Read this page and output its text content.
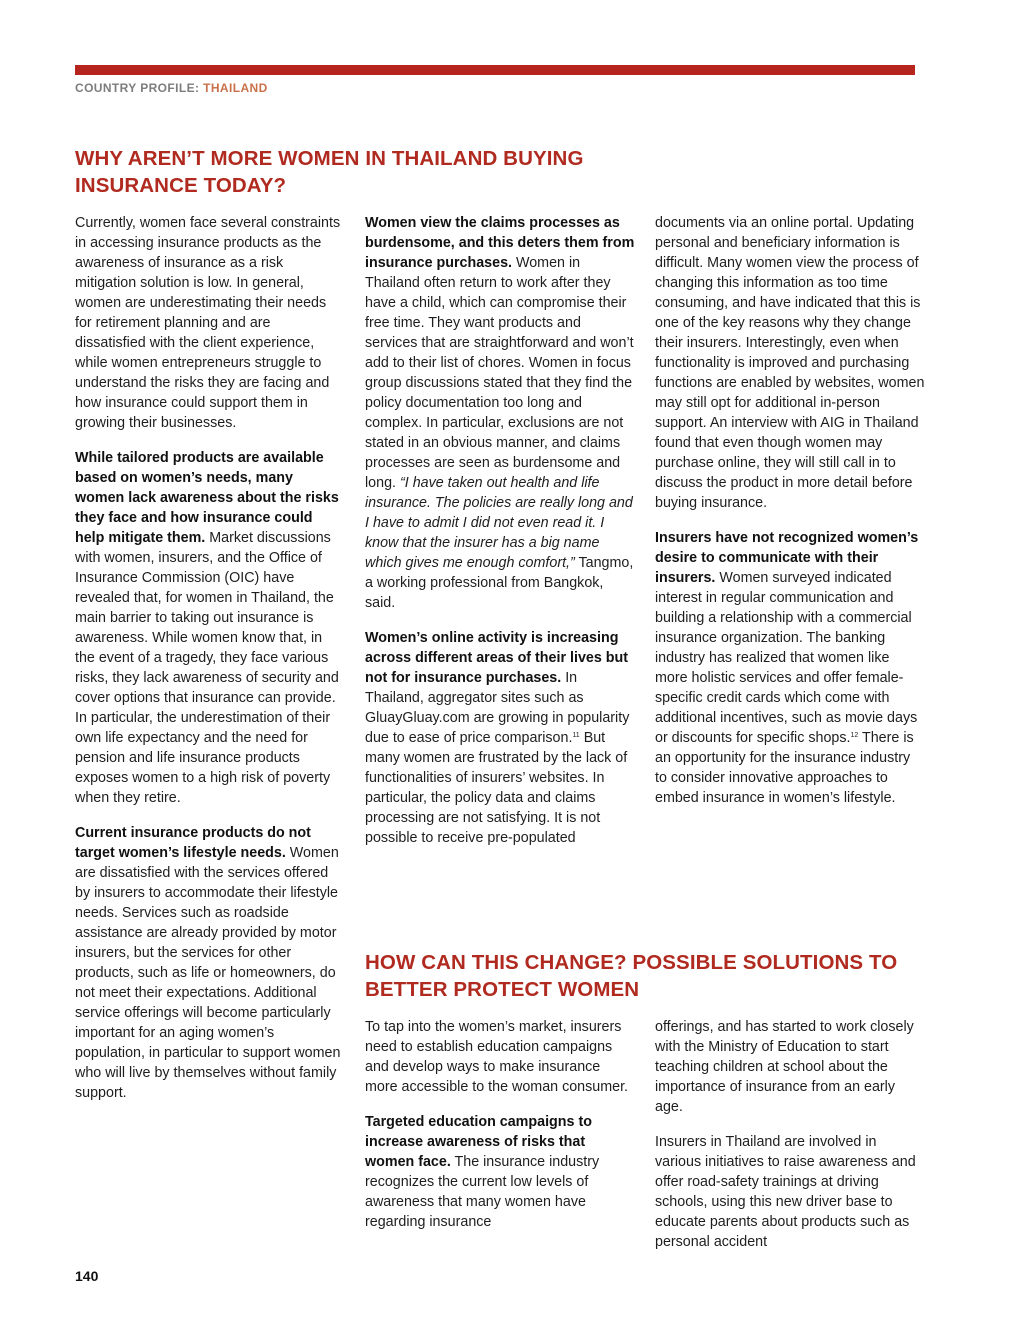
COUNTRY PROFILE: THAILAND
WHY AREN’T MORE WOMEN IN THAILAND BUYING INSURANCE TODAY?

Currently, women face several constraints in accessing insurance products as the awareness of insurance as a risk mitigation solution is low. In general, women are underestimating their needs for retirement planning and are dissatisfied with the client experience, while women entrepreneurs struggle to understand the risks they are facing and how insurance could support them in growing their businesses.

While tailored products are available based on women’s needs, many women lack awareness about the risks they face and how insurance could help mitigate them. Market discussions with women, insurers, and the Office of Insurance Commission (OIC) have revealed that, for women in Thailand, the main barrier to taking out insurance is awareness. While women know that, in the event of a tragedy, they face various risks, they lack awareness of security and cover options that insurance can provide. In particular, the underestimation of their own life expectancy and the need for pension and life insurance products exposes women to a high risk of poverty when they retire.

Current insurance products do not target women’s lifestyle needs. Women are dissatisfied with the services offered by insurers to accommodate their lifestyle needs. Services such as roadside assistance are already provided by motor insurers, but the services for other products, such as life or homeowners, do not meet their expectations. Additional service offerings will become particularly important for an aging women’s population, in particular to support women who will live by themselves without family support.

Women view the claims processes as burdensome, and this deters them from insurance purchases. Women in Thailand often return to work after they have a child, which can compromise their free time. They want products and services that are straightforward and won’t add to their list of chores. Women in focus group discussions stated that they find the policy documentation too long and complex. In particular, exclusions are not stated in an obvious manner, and claims processes are seen as burdensome and long. “I have taken out health and life insurance. The policies are really long and I have to admit I did not even read it. I know that the insurer has a big name which gives me enough comfort,” Tangmo, a working professional from Bangkok, said.

Women’s online activity is increasing across different areas of their lives but not for insurance purchases. In Thailand, aggregator sites such as GluayGluay.com are growing in popularity due to ease of price comparison.$^{11}$ But many women are frustrated by the lack of functionalities of insurers’ websites. In particular, the policy data and claims processing are not satisfying. It is not possible to receive pre-populated

documents via an online portal. Updating personal and beneficiary information is difficult. Many women view the process of changing this information as too time consuming, and have indicated that this is one of the key reasons why they change their insurers. Interestingly, even when functionality is improved and purchasing functions are enabled by websites, women may still opt for additional in-person support. An interview with AIG in Thailand found that even though women may purchase online, they will still call in to discuss the product in more detail before buying insurance.

Insurers have not recognized women’s desire to communicate with their insurers. Women surveyed indicated interest in regular communication and building a relationship with a commercial insurance organization. The banking industry has realized that women like more holistic services and offer female-specific credit cards which come with additional incentives, such as movie days or discounts for specific shops.$^{12}$ There is an opportunity for the insurance industry to consider innovative approaches to embed insurance in women’s lifestyle.

HOW CAN THIS CHANGE? POSSIBLE SOLUTIONS TO BETTER PROTECT WOMEN

To tap into the women’s market, insurers need to establish education campaigns and develop ways to make insurance more accessible to the woman consumer.

Targeted education campaigns to increase awareness of risks that women face. The insurance industry recognizes the current low levels of awareness that many women have regarding insurance

offerings, and has started to work closely with the Ministry of Education to start teaching children at school about the importance of insurance from an early age.

Insurers in Thailand are involved in various initiatives to raise awareness and offer road-safety trainings at driving schools, using this new driver base to educate parents about products such as personal accident

140
